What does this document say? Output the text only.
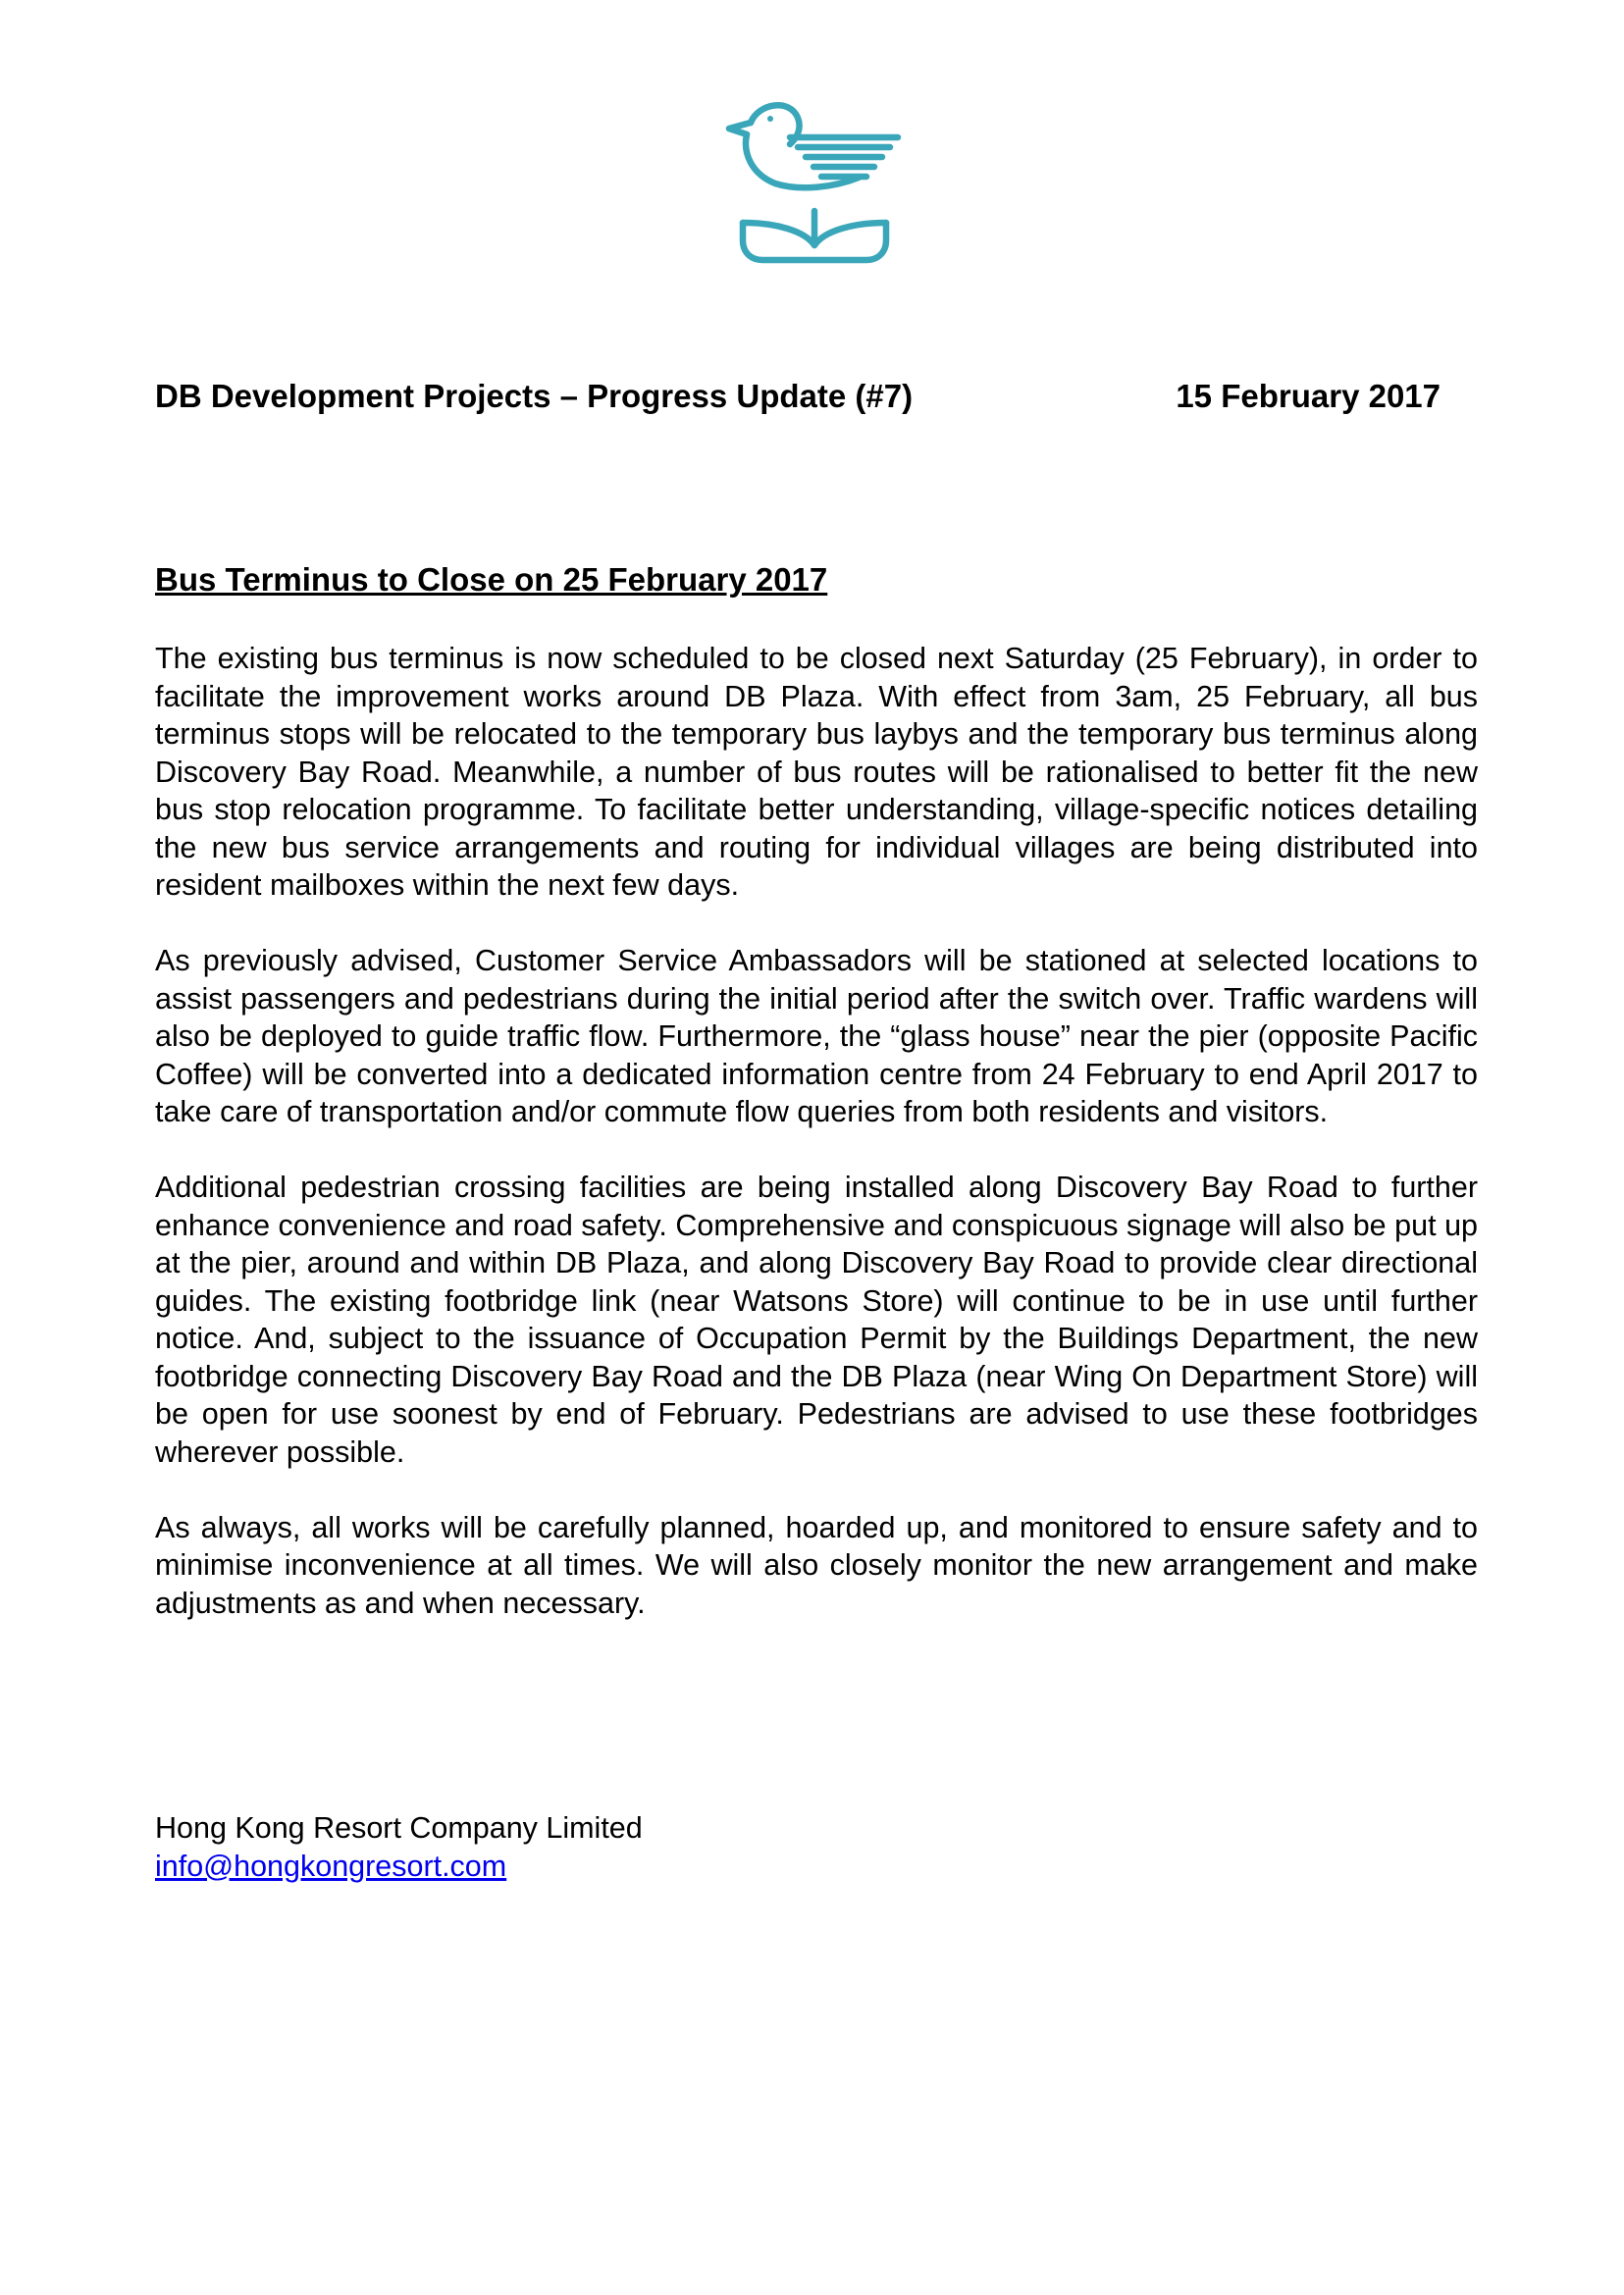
DB Development Projects – Progress Update (#7)	15 February 2017
Bus Terminus to Close on 25 February 2017

The existing bus terminus is now scheduled to be closed next Saturday (25 February), in order to facilitate the improvement works around DB Plaza. With effect from 3am, 25 February, all bus terminus stops will be relocated to the temporary bus laybys and the temporary bus terminus along Discovery Bay Road. Meanwhile, a number of bus routes will be rationalised to better fit the new bus stop relocation programme. To facilitate better understanding, village-specific notices detailing the new bus service arrangements and routing for individual villages are being distributed into resident mailboxes within the next few days.

As previously advised, Customer Service Ambassadors will be stationed at selected locations to assist passengers and pedestrians during the initial period after the switch over. Traffic wardens will also be deployed to guide traffic flow. Furthermore, the “glass house” near the pier (opposite Pacific Coffee) will be converted into a dedicated information centre from 24 February to end April 2017 to take care of transportation and/or commute flow queries from both residents and visitors.

Additional pedestrian crossing facilities are being installed along Discovery Bay Road to further enhance convenience and road safety. Comprehensive and conspicuous signage will also be put up at the pier, around and within DB Plaza, and along Discovery Bay Road to provide clear directional guides. The existing footbridge link (near Watsons Store) will continue to be in use until further notice. And, subject to the issuance of Occupation Permit by the Buildings Department, the new footbridge connecting Discovery Bay Road and the DB Plaza (near Wing On Department Store) will be open for use soonest by end of February. Pedestrians are advised to use these footbridges wherever possible.

As always, all works will be carefully planned, hoarded up, and monitored to ensure safety and to minimise inconvenience at all times. We will also closely monitor the new arrangement and make adjustments as and when necessary.

Hong Kong Resort Company Limited
info@hongkongresort.com
